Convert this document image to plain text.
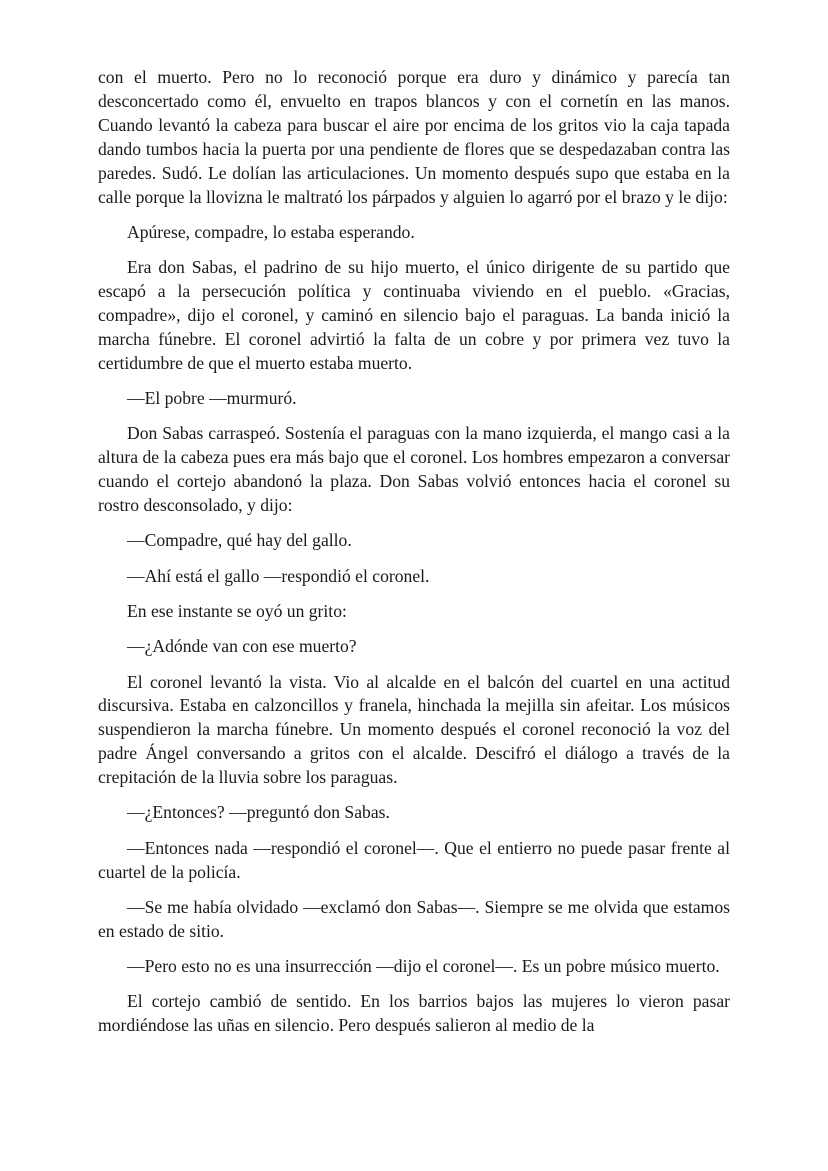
con el muerto. Pero no lo reconoció porque era duro y dinámico y parecía tan desconcertado como él, envuelto en trapos blancos y con el cornetín en las manos. Cuando levantó la cabeza para buscar el aire por encima de los gritos vio la caja tapada dando tumbos hacia la puerta por una pendiente de flores que se despedazaban contra las paredes. Sudó. Le dolían las articulaciones. Un momento después supo que estaba en la calle porque la llovizna le maltrató los párpados y alguien lo agarró por el brazo y le dijo:

Apúrese, compadre, lo estaba esperando.

Era don Sabas, el padrino de su hijo muerto, el único dirigente de su partido que escapó a la persecución política y continuaba viviendo en el pueblo. «Gracias, compadre», dijo el coronel, y caminó en silencio bajo el paraguas. La banda inició la marcha fúnebre. El coronel advirtió la falta de un cobre y por primera vez tuvo la certidumbre de que el muerto estaba muerto.

—El pobre —murmuró.

Don Sabas carraspeó. Sostenía el paraguas con la mano izquierda, el mango casi a la altura de la cabeza pues era más bajo que el coronel. Los hombres empezaron a conversar cuando el cortejo abandonó la plaza. Don Sabas volvió entonces hacia el coronel su rostro desconsolado, y dijo:

—Compadre, qué hay del gallo.

—Ahí está el gallo —respondió el coronel.

En ese instante se oyó un grito:

—¿Adónde van con ese muerto?

El coronel levantó la vista. Vio al alcalde en el balcón del cuartel en una actitud discursiva. Estaba en calzoncillos y franela, hinchada la mejilla sin afeitar. Los músicos suspendieron la marcha fúnebre. Un momento después el coronel reconoció la voz del padre Ángel conversando a gritos con el alcalde. Descifró el diálogo a través de la crepitación de la lluvia sobre los paraguas.

—¿Entonces? —preguntó don Sabas.

—Entonces nada —respondió el coronel—. Que el entierro no puede pasar frente al cuartel de la policía.

—Se me había olvidado —exclamó don Sabas—. Siempre se me olvida que estamos en estado de sitio.

—Pero esto no es una insurrección —dijo el coronel—. Es un pobre músico muerto.

El cortejo cambió de sentido. En los barrios bajos las mujeres lo vieron pasar mordiéndose las uñas en silencio. Pero después salieron al medio de la
